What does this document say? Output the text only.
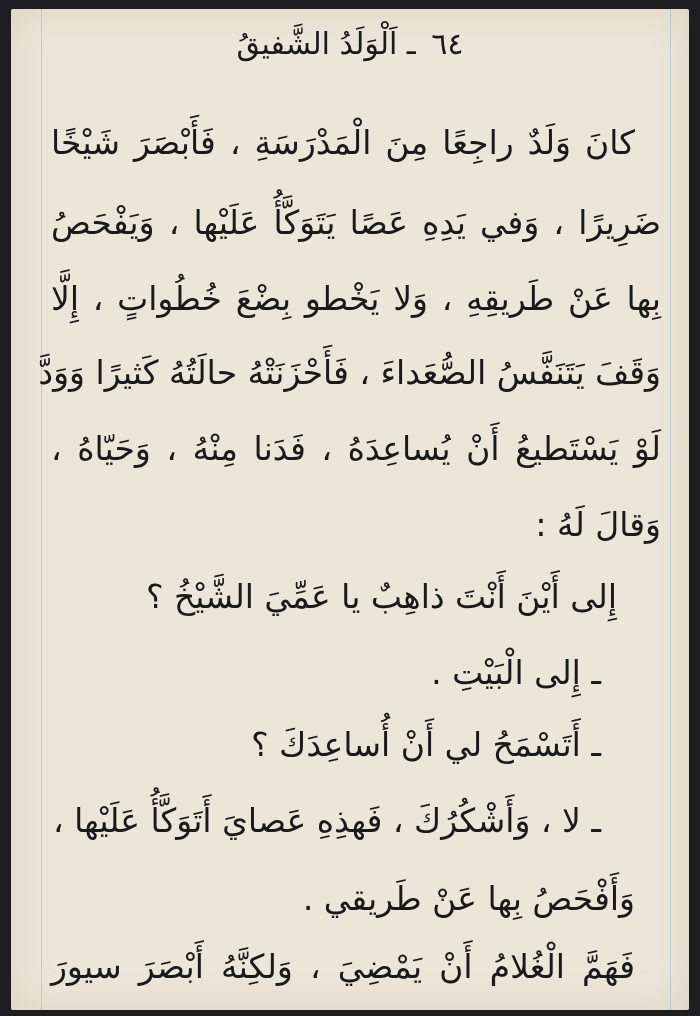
٦٤ ـ اَلْوَلَدُ الشَّفيقُ
كانَ وَلَدٌ راجِعًا مِنَ الْمَدْرَسَةِ ، فَأَبْصَرَ شَيْخًا
ضَرِيرًا ، وَفي يَدِهِ عَصًا يَتَوَكَّأُ عَلَيْها ، وَيَفْحَصُ
بِها عَنْ طَريقِهِ ، وَلا يَخْطو بِضْعَ خُطُواتٍ ، إِلَّا
وَقَفَ يَتَنَفَّسُ الصُّعَداءَ ، فَأَحْزَنَتْهُ حالَتُهُ كَثيرًا وَوَدَّ
لَوْ يَسْتَطيعُ أَنْ يُساعِدَهُ ، فَدَنا مِنْهُ ، وَحَيّاهُ ،
وَقالَ لَهُ :
إِلى أَيْنَ أَنْتَ ذاهِبٌ يا عَمِّيَ الشَّيْخُ ؟
ـ إِلى الْبَيْتِ .
ـ أَتَسْمَحُ لي أَنْ أُساعِدَكَ ؟
ـ لا ، وَأَشْكُرُكَ ، فَهذِهِ عَصايَ أَتَوَكَّأُ عَلَيْها ،
وَأَفْحَصُ بِها عَنْ طَريقي .
فَهَمَّ الْغُلامُ أَنْ يَمْضِيَ ، وَلكِنَّهُ أَبْصَرَ سيورَ
